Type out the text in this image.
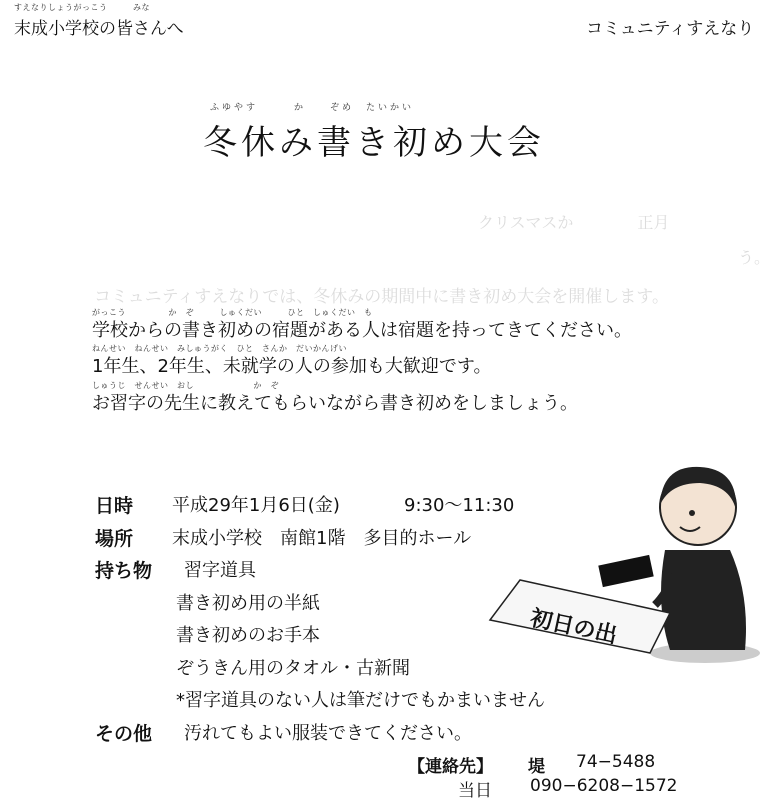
すえなりしょうがっこう　　　みな
末成小学校の皆さんへ	コミュニティすえなり
ふゆやす　　　か　　ぞめ　たいかい
冬休み書き初め大会
クリスマスか　　　　正月
う。
コミュニティすえなりでは、冬休みの期間中に書き初め大会を開催します。
がっこう　　　　　か　ぞ　　　しゅくだい　　　ひと　しゅくだい　も
学校からの書き初めの宿題がある人は宿題を持ってきてください。
ねんせい　ねんせい　みしゅうがく　ひと　さんか　だいかんげい
1年生、2年生、未就学の人の参加も大歓迎です。
しゅうじ　せんせい　おし　　　　　　　か　ぞ
お習字の先生に教えてもらいながら書き初めをしましょう。
日時 平成29年1月6日(金)	9:30〜11:30
場所 末成小学校　南館1階　多目的ホール
持ち物 習字道具
書き初め用の半紙
書き初めのお手本
ぞうきん用のタオル・古新聞
*習字道具のない人は筆だけでもかまいません
その他 汚れてもよい服装できてください。
【連絡先】 堤 74−5488
当日 090−6208−1572
初日の出
